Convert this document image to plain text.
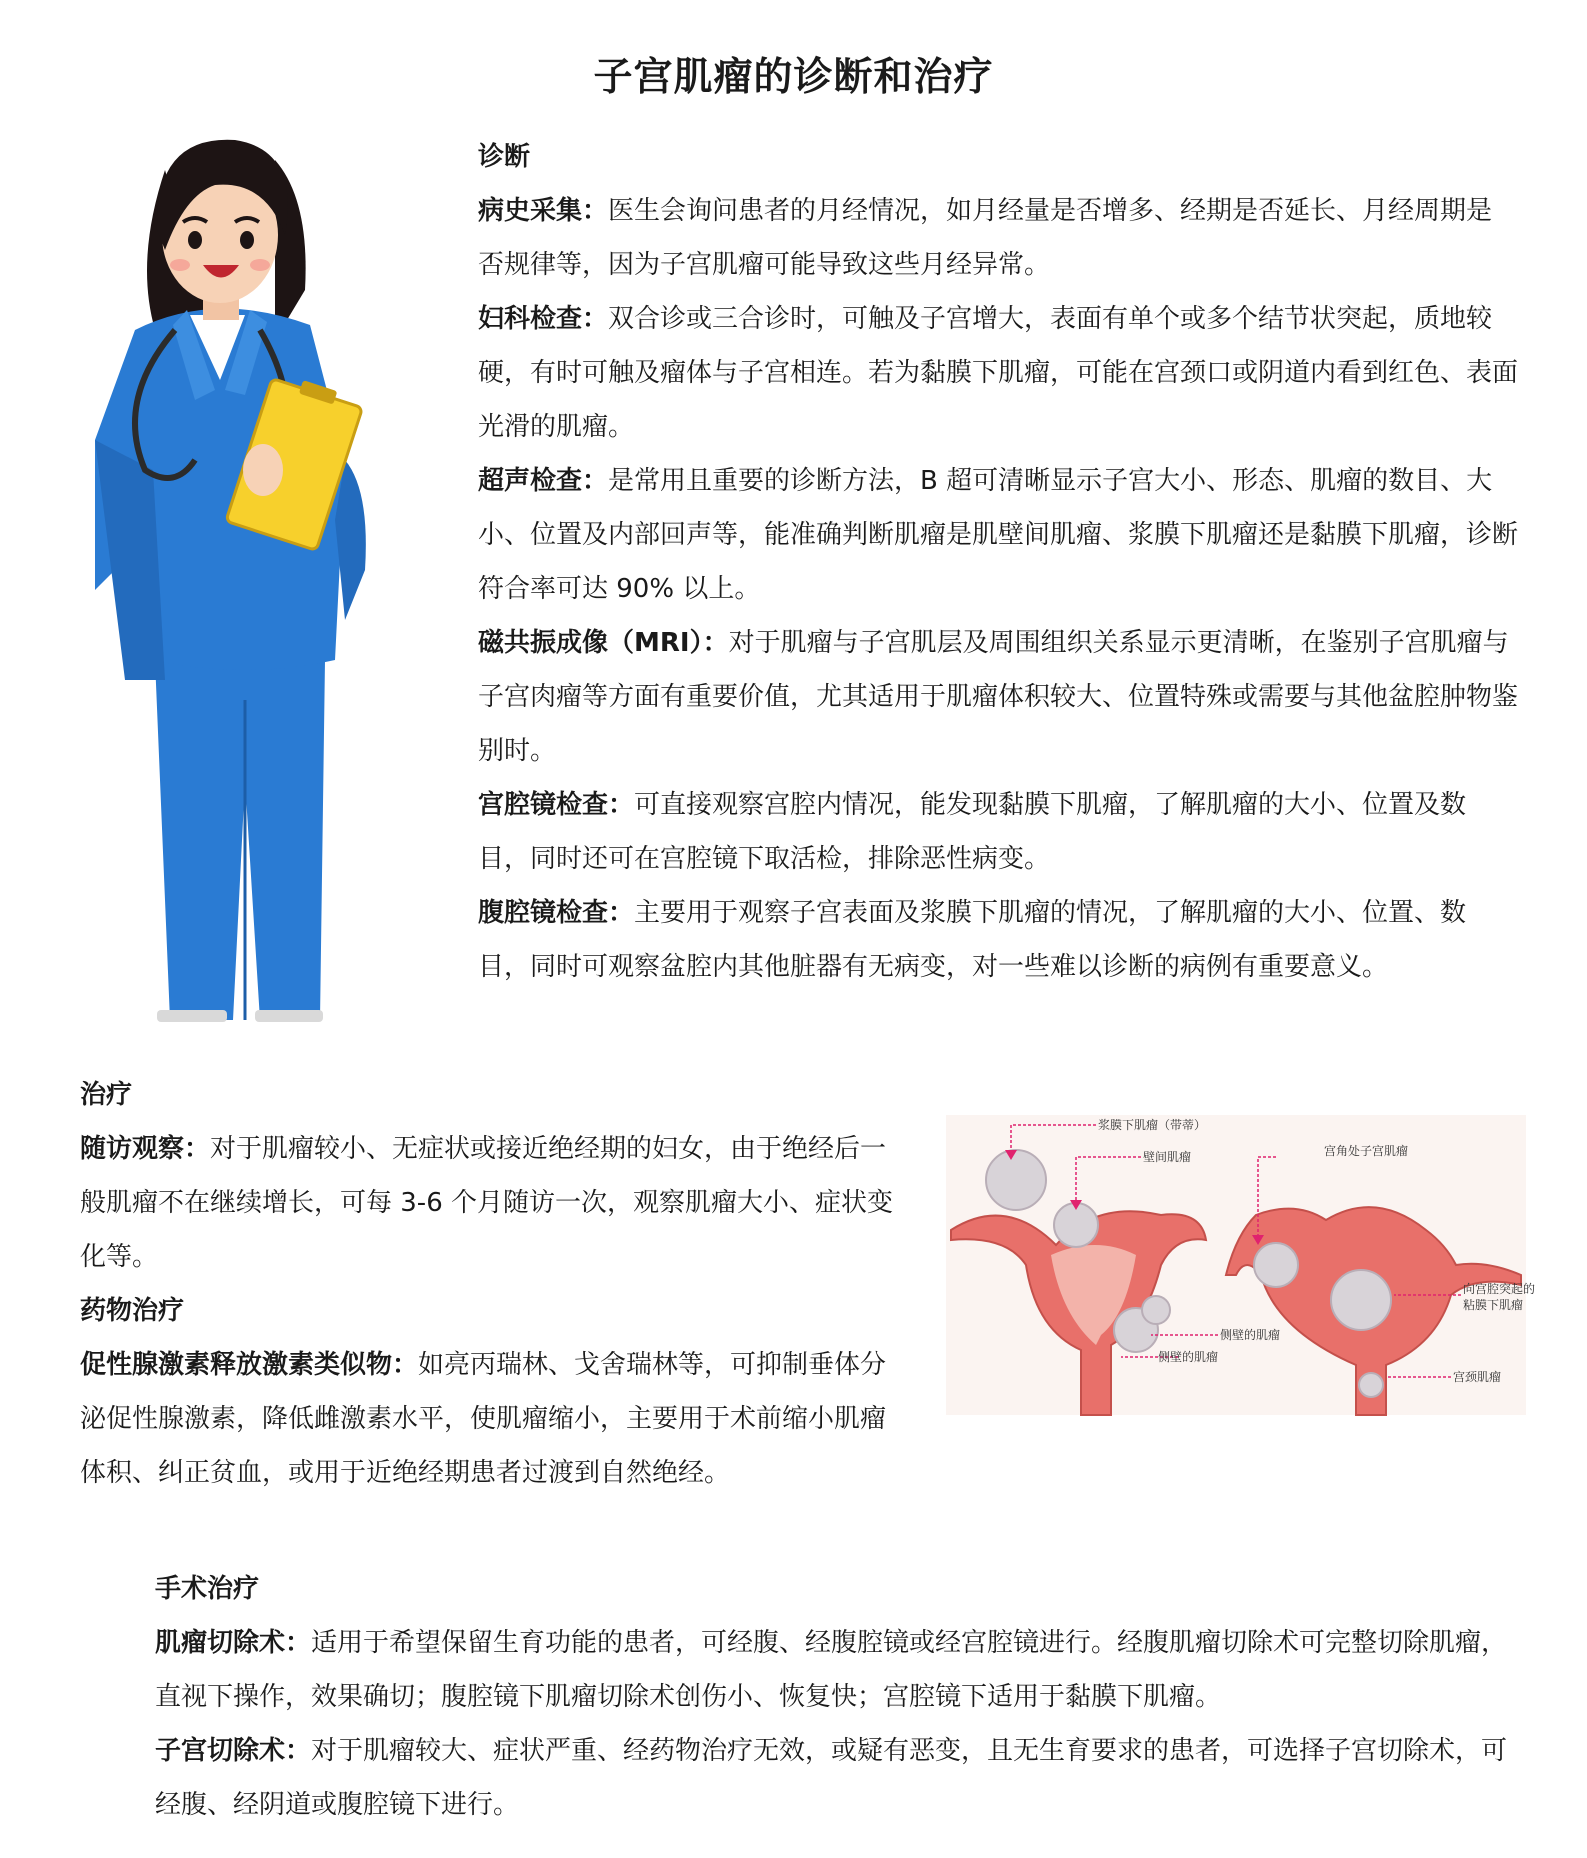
子宫肌瘤的诊断和治疗

诊断

病史采集：医生会询问患者的月经情况，如月经量是否增多、经期是否延长、月经周期是否规律等，因为子宫肌瘤可能导致这些月经异常。

妇科检查：双合诊或三合诊时，可触及子宫增大，表面有单个或多个结节状突起，质地较硬，有时可触及瘤体与子宫相连。若为黏膜下肌瘤，可能在宫颈口或阴道内看到红色、表面光滑的肌瘤。

超声检查：是常用且重要的诊断方法，B 超可清晰显示子宫大小、形态、肌瘤的数目、大小、位置及内部回声等，能准确判断肌瘤是肌壁间肌瘤、浆膜下肌瘤还是黏膜下肌瘤，诊断符合率可达 90% 以上。

磁共振成像（MRI）：对于肌瘤与子宫肌层及周围组织关系显示更清晰，在鉴别子宫肌瘤与子宫肉瘤等方面有重要价值，尤其适用于肌瘤体积较大、位置特殊或需要与其他盆腔肿物鉴别时。

宫腔镜检查：可直接观察宫腔内情况，能发现黏膜下肌瘤，了解肌瘤的大小、位置及数目，同时还可在宫腔镜下取活检，排除恶性病变。

腹腔镜检查：主要用于观察子宫表面及浆膜下肌瘤的情况，了解肌瘤的大小、位置、数目，同时可观察盆腔内其他脏器有无病变，对一些难以诊断的病例有重要意义。

治疗

随访观察：对于肌瘤较小、无症状或接近绝经期的妇女，由于绝经后一般肌瘤不在继续增长，可每 3-6 个月随访一次，观察肌瘤大小、症状变化等。

药物治疗

促性腺激素释放激素类似物：如亮丙瑞林、戈舍瑞林等，可抑制垂体分泌促性腺激素，降低雌激素水平，使肌瘤缩小，主要用于术前缩小肌瘤体积、纠正贫血，或用于近绝经期患者过渡到自然绝经。

浆膜下肌瘤（带蒂）
壁间肌瘤	宫角处子宫肌瘤
向宫腔突起的
粘膜下肌瘤
侧壁的肌瘤
侧壁的肌瘤
宫颈肌瘤

手术治疗

肌瘤切除术：适用于希望保留生育功能的患者，可经腹、经腹腔镜或经宫腔镜进行。经腹肌瘤切除术可完整切除肌瘤，直视下操作，效果确切；腹腔镜下肌瘤切除术创伤小、恢复快；宫腔镜下适用于黏膜下肌瘤。

子宫切除术：对于肌瘤较大、症状严重、经药物治疗无效，或疑有恶变，且无生育要求的患者，可选择子宫切除术，可经腹、经阴道或腹腔镜下进行。
